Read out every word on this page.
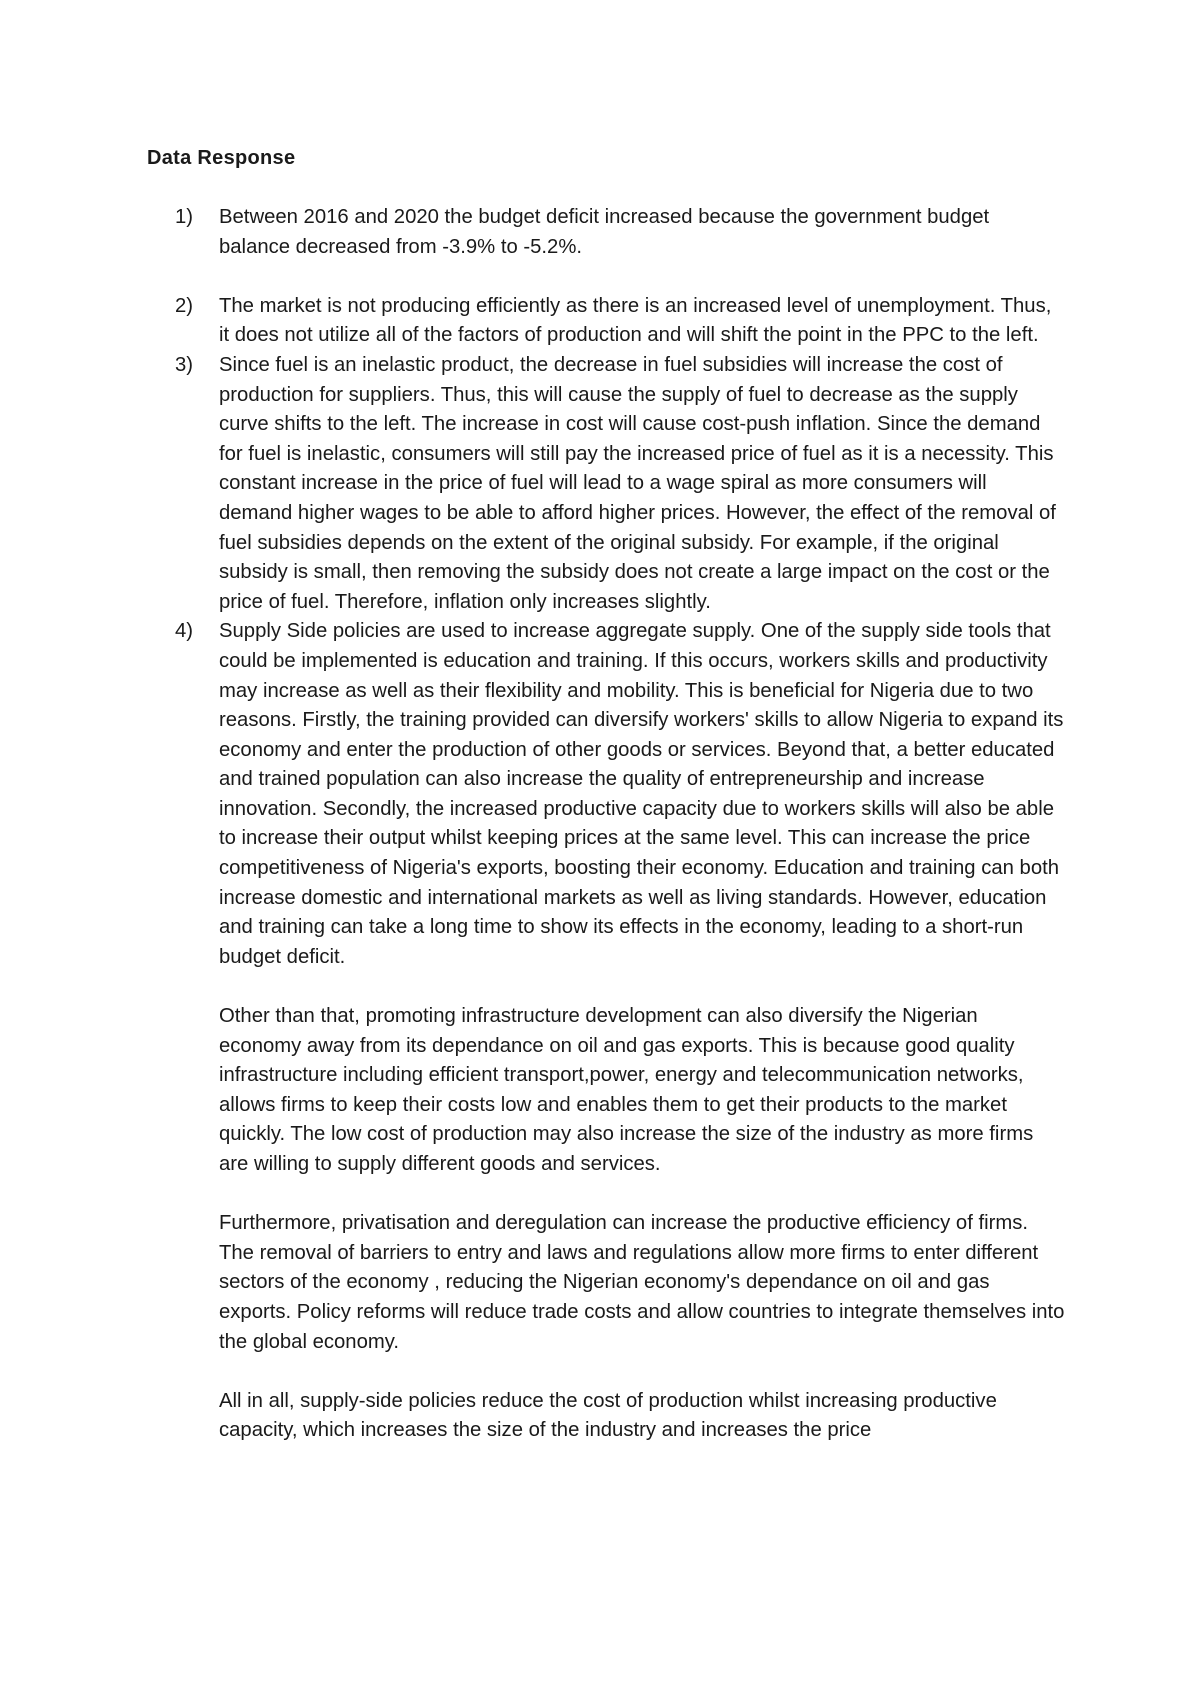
Data Response
1) Between 2016 and 2020 the budget deficit increased because the government budget balance decreased from -3.9% to -5.2%.

2) The market is not producing efficiently as there is an increased level of unemployment. Thus, it does not utilize all of the factors of production and will shift the point in the PPC to the left.

3) Since fuel is an inelastic product, the decrease in fuel subsidies will increase the cost of production for suppliers. Thus, this will cause the supply of fuel to decrease as the supply curve shifts to the left. The increase in cost will cause cost-push inflation. Since the demand for fuel is inelastic, consumers will still pay the increased price of fuel as it is a necessity. This constant increase in the price of fuel will lead to a wage spiral as more consumers will demand higher wages to be able to afford higher prices. However, the effect of the removal of fuel subsidies depends on the extent of the original subsidy. For example, if the original subsidy is small, then removing the subsidy does not create a large impact on the cost or the price of fuel. Therefore, inflation only increases slightly.

4) Supply Side policies are used to increase aggregate supply. One of the supply side tools that could be implemented is education and training. If this occurs, workers skills and productivity may increase as well as their flexibility and mobility. This is beneficial for Nigeria due to two reasons. Firstly, the training provided can diversify workers' skills to allow Nigeria to expand its economy and enter the production of other goods or services. Beyond that, a better educated and trained population can also increase the quality of entrepreneurship and increase innovation. Secondly, the increased productive capacity due to workers skills will also be able to increase their output whilst keeping prices at the same level. This can increase the price competitiveness of Nigeria's exports, boosting their economy. Education and training can both increase domestic and international markets as well as living standards. However, education and training can take a long time to show its effects in the economy, leading to a short-run budget deficit.

Other than that, promoting infrastructure development can also diversify the Nigerian economy away from its dependance on oil and gas exports. This is because good quality infrastructure including efficient transport,power, energy and telecommunication networks, allows firms to keep their costs low and enables them to get their products to the market quickly. The low cost of production may also increase the size of the industry as more firms are willing to supply different goods and services.

Furthermore, privatisation and deregulation can increase the productive efficiency of firms. The removal of barriers to entry and laws and regulations allow more firms to enter different sectors of the economy , reducing the Nigerian economy's dependance on oil and gas exports. Policy reforms will reduce trade costs and allow countries to integrate themselves into the global economy.

All in all, supply-side policies reduce the cost of production whilst increasing productive capacity, which increases the size of the industry and increases the price
